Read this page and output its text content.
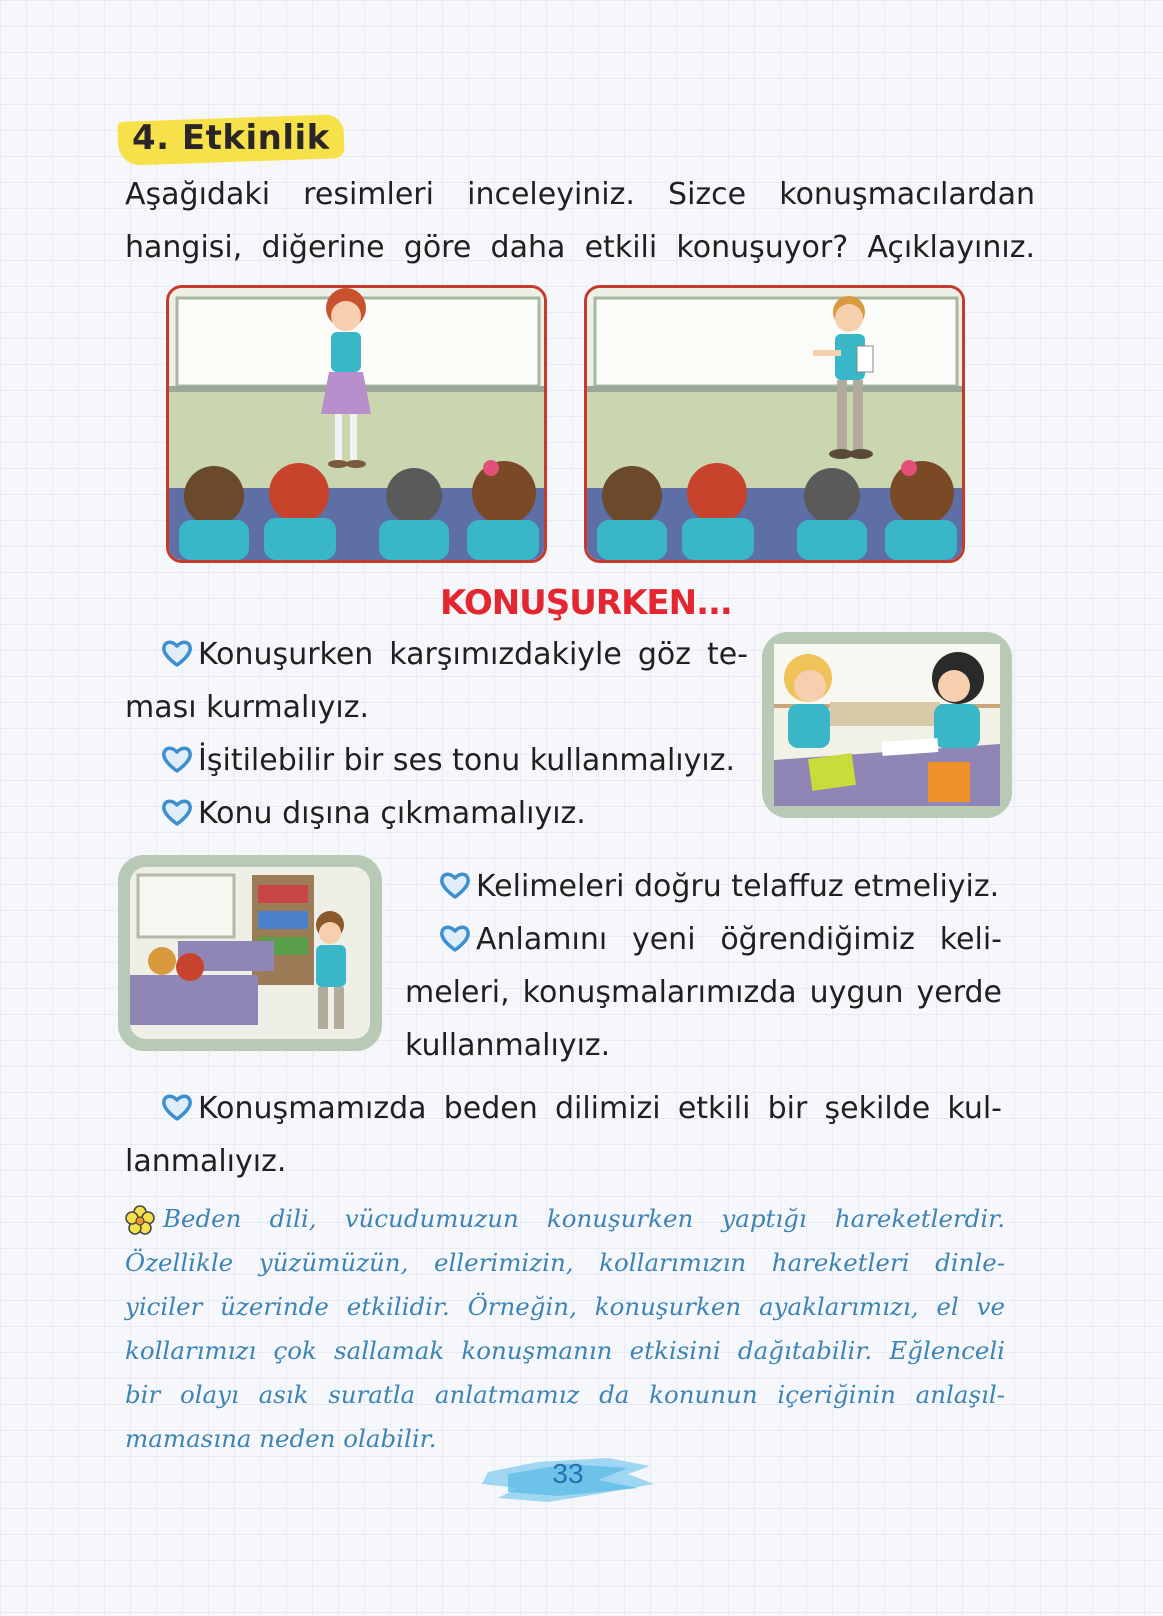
4. Etkinlik
Aşağıdaki resimleri inceleyiniz. Sizce konuşmacılardan
hangisi, diğerine göre daha etkili konuşuyor? Açıklayınız.
KONUŞURKEN...
Konuşurken karşımızdakiyle göz te-
ması kurmalıyız.
İşitilebilir bir ses tonu kullanmalıyız.
Konu dışına çıkmamalıyız.
Kelimeleri doğru telaffuz etmeliyiz.
Anlamını yeni öğrendiğimiz keli-
meleri, konuşmalarımızda uygun yerde
kullanmalıyız.
Konuşmamızda beden dilimizi etkili bir şekilde kul-
lanmalıyız.
Beden dili, vücudumuzun konuşurken yaptığı hareketlerdir.
Özellikle yüzümüzün, ellerimizin, kollarımızın hareketleri dinle-
yiciler üzerinde etkilidir. Örneğin, konuşurken ayaklarımızı, el ve
kollarımızı çok sallamak konuşmanın etkisini dağıtabilir. Eğlenceli
bir olayı asık suratla anlatmamız da konunun içeriğinin anlaşıl-
mamasına neden olabilir.
33
